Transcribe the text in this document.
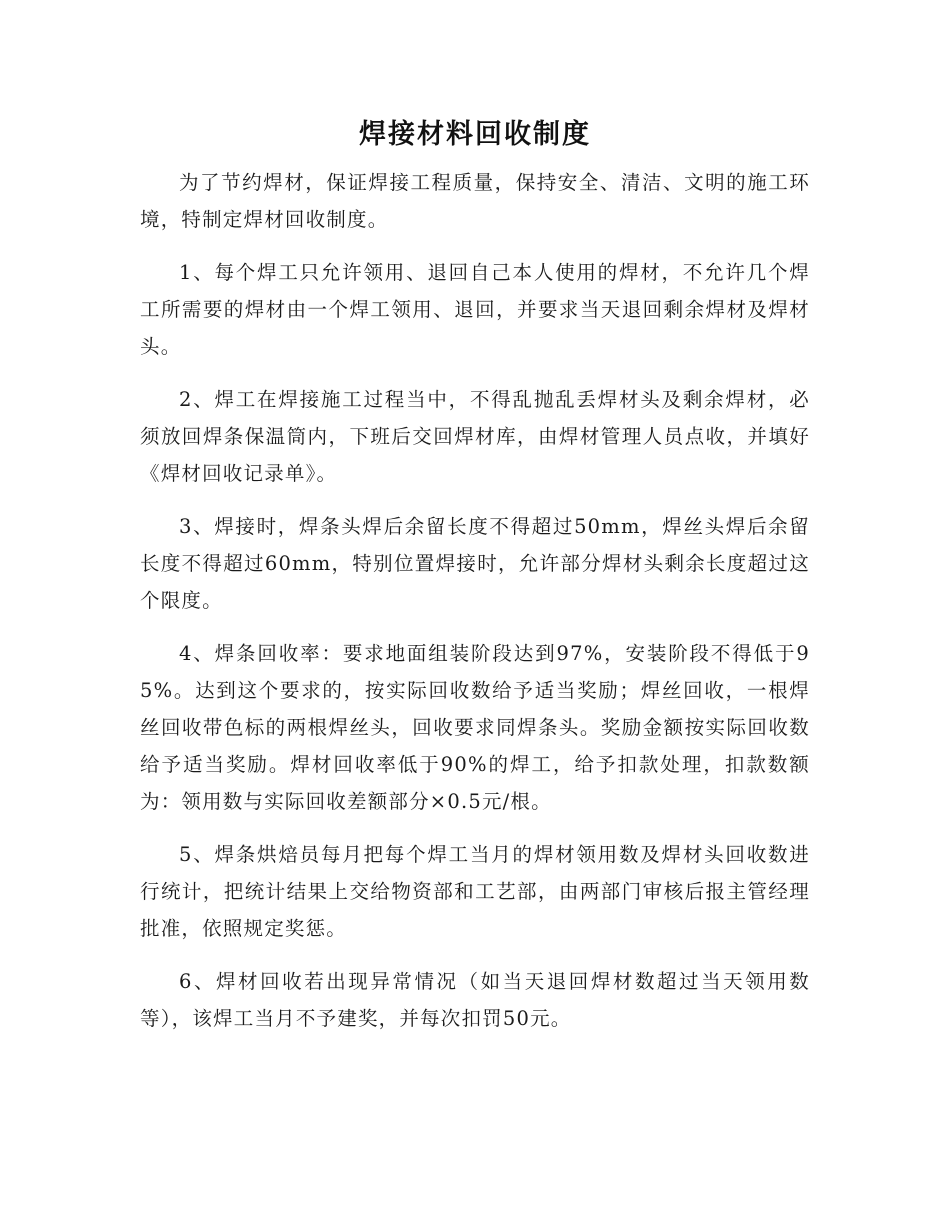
焊接材料回收制度

为了节约焊材，保证焊接工程质量，保持安全、清洁、文明的施工环境，特制定焊材回收制度。

1、每个焊工只允许领用、退回自己本人使用的焊材，不允许几个焊工所需要的焊材由一个焊工领用、退回，并要求当天退回剩余焊材及焊材头。

2、焊工在焊接施工过程当中，不得乱抛乱丢焊材头及剩余焊材，必须放回焊条保温筒内，下班后交回焊材库，由焊材管理人员点收，并填好《焊材回收记录单》。

3、焊接时，焊条头焊后余留长度不得超过50mm，焊丝头焊后余留长度不得超过60mm，特别位置焊接时，允许部分焊材头剩余长度超过这个限度。

4、焊条回收率：要求地面组装阶段达到97%，安装阶段不得低于95%。达到这个要求的，按实际回收数给予适当奖励；焊丝回收，一根焊丝回收带色标的两根焊丝头，回收要求同焊条头。奖励金额按实际回收数给予适当奖励。焊材回收率低于90%的焊工，给予扣款处理，扣款数额为：领用数与实际回收差额部分×0.5元/根。

5、焊条烘焙员每月把每个焊工当月的焊材领用数及焊材头回收数进行统计，把统计结果上交给物资部和工艺部，由两部门审核后报主管经理批准，依照规定奖惩。

6、焊材回收若出现异常情况（如当天退回焊材数超过当天领用数等），该焊工当月不予建奖，并每次扣罚50元。
